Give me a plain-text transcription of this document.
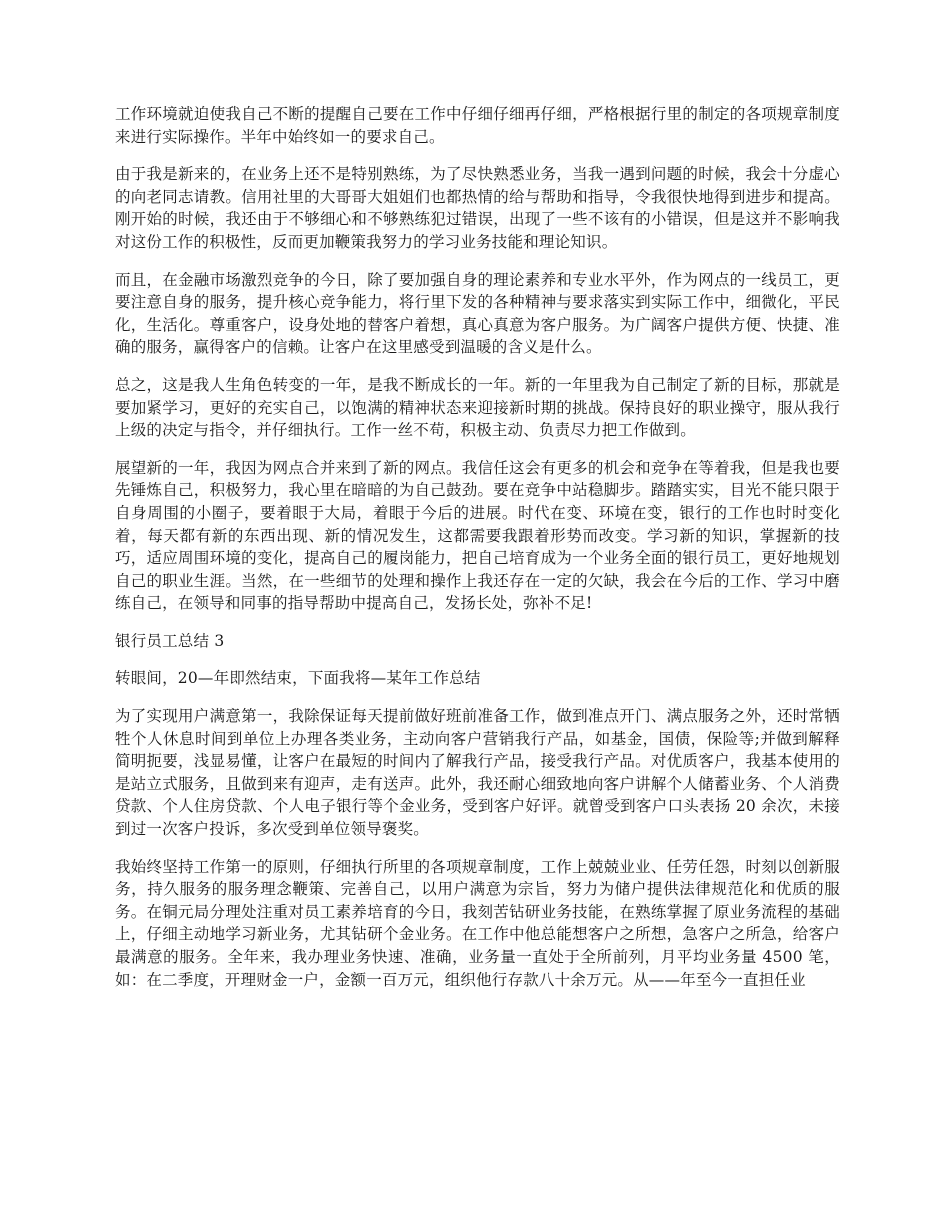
工作环境就迫使我自己不断的提醒自己要在工作中仔细仔细再仔细，严格根据行里的制定的各项规章制度来进行实际操作。半年中始终如一的要求自己。

由于我是新来的，在业务上还不是特别熟练，为了尽快熟悉业务，当我一遇到问题的时候，我会十分虚心的向老同志请教。信用社里的大哥哥大姐姐们也都热情的给与帮助和指导，令我很快地得到进步和提高。刚开始的时候，我还由于不够细心和不够熟练犯过错误，出现了一些不该有的小错误，但是这并不影响我对这份工作的积极性，反而更加鞭策我努力的学习业务技能和理论知识。

而且，在金融市场激烈竞争的今日，除了要加强自身的理论素养和专业水平外，作为网点的一线员工，更要注意自身的服务，提升核心竞争能力，将行里下发的各种精神与要求落实到实际工作中，细微化，平民化，生活化。尊重客户，设身处地的替客户着想，真心真意为客户服务。为广阔客户提供方便、快捷、准确的服务，赢得客户的信赖。让客户在这里感受到温暖的含义是什么。

总之，这是我人生角色转变的一年，是我不断成长的一年。新的一年里我为自己制定了新的目标，那就是要加紧学习，更好的充实自己，以饱满的精神状态来迎接新时期的挑战。保持良好的职业操守，服从我行上级的决定与指令，并仔细执行。工作一丝不苟，积极主动、负责尽力把工作做到。

展望新的一年，我因为网点合并来到了新的网点。我信任这会有更多的机会和竞争在等着我，但是我也要先锤炼自己，积极努力，我心里在暗暗的为自己鼓劲。要在竞争中站稳脚步。踏踏实实，目光不能只限于自身周围的小圈子，要着眼于大局，着眼于今后的进展。时代在变、环境在变，银行的工作也时时变化着，每天都有新的东西出现、新的情况发生，这都需要我跟着形势而改变。学习新的知识，掌握新的技巧，适应周围环境的变化，提高自己的履岗能力，把自己培育成为一个业务全面的银行员工，更好地规划自己的职业生涯。当然，在一些细节的处理和操作上我还存在一定的欠缺，我会在今后的工作、学习中磨练自己，在领导和同事的指导帮助中提高自己，发扬长处，弥补不足!

银行员工总结 3

转眼间，20—年即然结束，下面我将—某年工作总结

为了实现用户满意第一，我除保证每天提前做好班前准备工作，做到准点开门、满点服务之外，还时常牺牲个人休息时间到单位上办理各类业务，主动向客户营销我行产品，如基金，国债，保险等;并做到解释简明扼要，浅显易懂，让客户在最短的时间内了解我行产品，接受我行产品。对优质客户，我基本使用的是站立式服务，且做到来有迎声，走有送声。此外，我还耐心细致地向客户讲解个人储蓄业务、个人消费贷款、个人住房贷款、个人电子银行等个金业务，受到客户好评。就曾受到客户口头表扬 20 余次，未接到过一次客户投诉，多次受到单位领导褒奖。

我始终坚持工作第一的原则，仔细执行所里的各项规章制度，工作上兢兢业业、任劳任怨，时刻以创新服务，持久服务的服务理念鞭策、完善自己，以用户满意为宗旨，努力为储户提供法律规范化和优质的服务。在铜元局分理处注重对员工素养培育的今日，我刻苦钻研业务技能，在熟练掌握了原业务流程的基础上，仔细主动地学习新业务，尤其钻研个金业务。在工作中他总能想客户之所想，急客户之所急，给客户最满意的服务。全年来，我办理业务快速、准确，业务量一直处于全所前列，月平均业务量 4500 笔，如：在二季度，开理财金一户，金额一百万元，组织他行存款八十余万元。从——年至今一直担任业
